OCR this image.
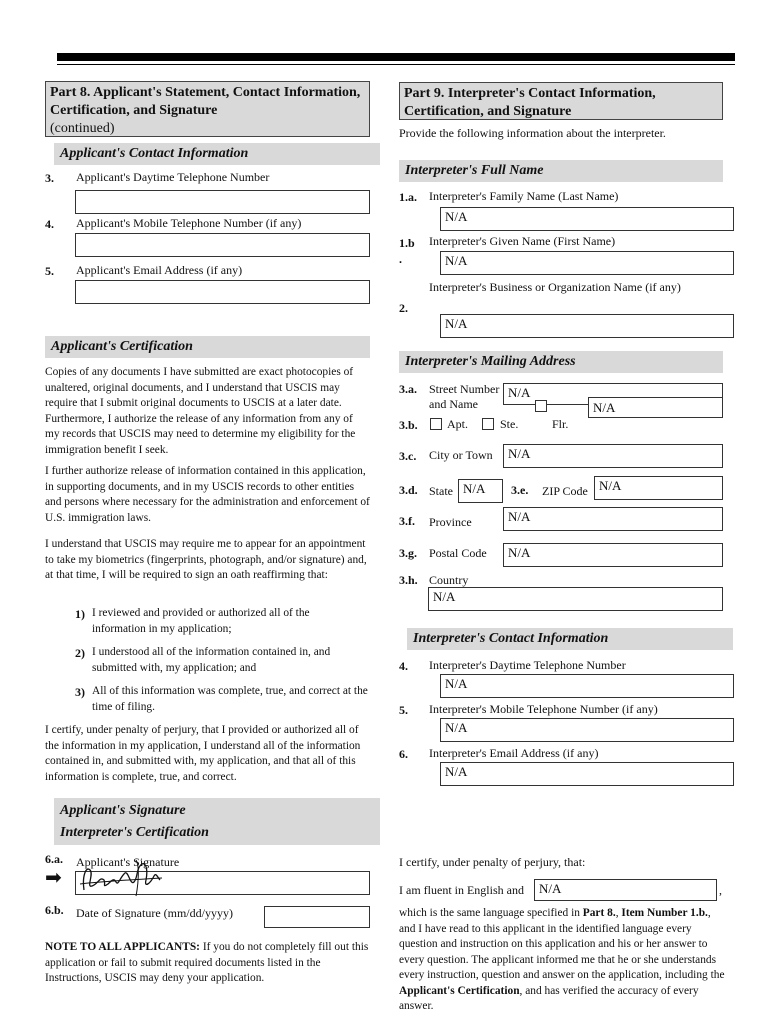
Part 8. Applicant's Statement, Contact Information, Certification, and Signature
(continued)
Applicant's Contact Information
3. Applicant's Daytime Telephone Number
4. Applicant's Mobile Telephone Number (if any)
5. Applicant's Email Address (if any)
Applicant's Certification
Copies of any documents I have submitted are exact photocopies of unaltered, original documents, and I understand that USCIS may require that I submit original documents to USCIS at a later date. Furthermore, I authorize the release of any information from any of my records that USCIS may need to determine my eligibility for the immigration benefit I seek.
I further authorize release of information contained in this application, in supporting documents, and in my USCIS records to other entities and persons where necessary for the administration and enforcement of U.S. immigration laws.
I understand that USCIS may require me to appear for an appointment to take my biometrics (fingerprints, photograph, and/or signature) and, at that time, I will be required to sign an oath reaffirming that:
1) I reviewed and provided or authorized all of the information in my application;
2) I understood all of the information contained in, and submitted with, my application; and
3) All of this information was complete, true, and correct at the time of filing.
I certify, under penalty of perjury, that I provided or authorized all of the information in my application, I understand all of the information contained in, and submitted with, my application, and that all of this information is complete, true, and correct.
Applicant's Signature
Interpreter's Certification
6.a. Applicant's Signature
➡
6.b. Date of Signature (mm/dd/yyyy)
NOTE TO ALL APPLICANTS: If you do not completely fill out this application or fail to submit required documents listed in the Instructions, USCIS may deny your application.
Part 9. Interpreter's Contact Information, Certification, and Signature
Provide the following information about the interpreter.
Interpreter's Full Name
1.a. Interpreter's Family Name (Last Name)
N/A
1.b
.
Interpreter's Given Name (First Name)
N/A
Interpreter's Business or Organization Name (if any)
2.
N/A
Interpreter's Mailing Address
3.a. Street Number
and Name
N/A
N/A
3.b. Apt.	Ste.	Flr.
3.c. City or Town	N/A
3.d. State N/A	3.e. ZIP Code N/A
3.f. Province	N/A
3.g. Postal Code	N/A
3.h. Country
N/A
Interpreter's Contact Information
4. Interpreter's Daytime Telephone Number
N/A
5. Interpreter's Mobile Telephone Number (if any)
N/A
6. Interpreter's Email Address (if any)
N/A
I certify, under penalty of perjury, that:
I am fluent in English and	N/A	,
which is the same language specified in Part 8., Item Number 1.b., and I have read to this applicant in the identified language every question and instruction on this application and his or her answer to every question. The applicant informed me that he or she understands every instruction, question and answer on the application, including the Applicant's Certification, and has verified the accuracy of every answer.
